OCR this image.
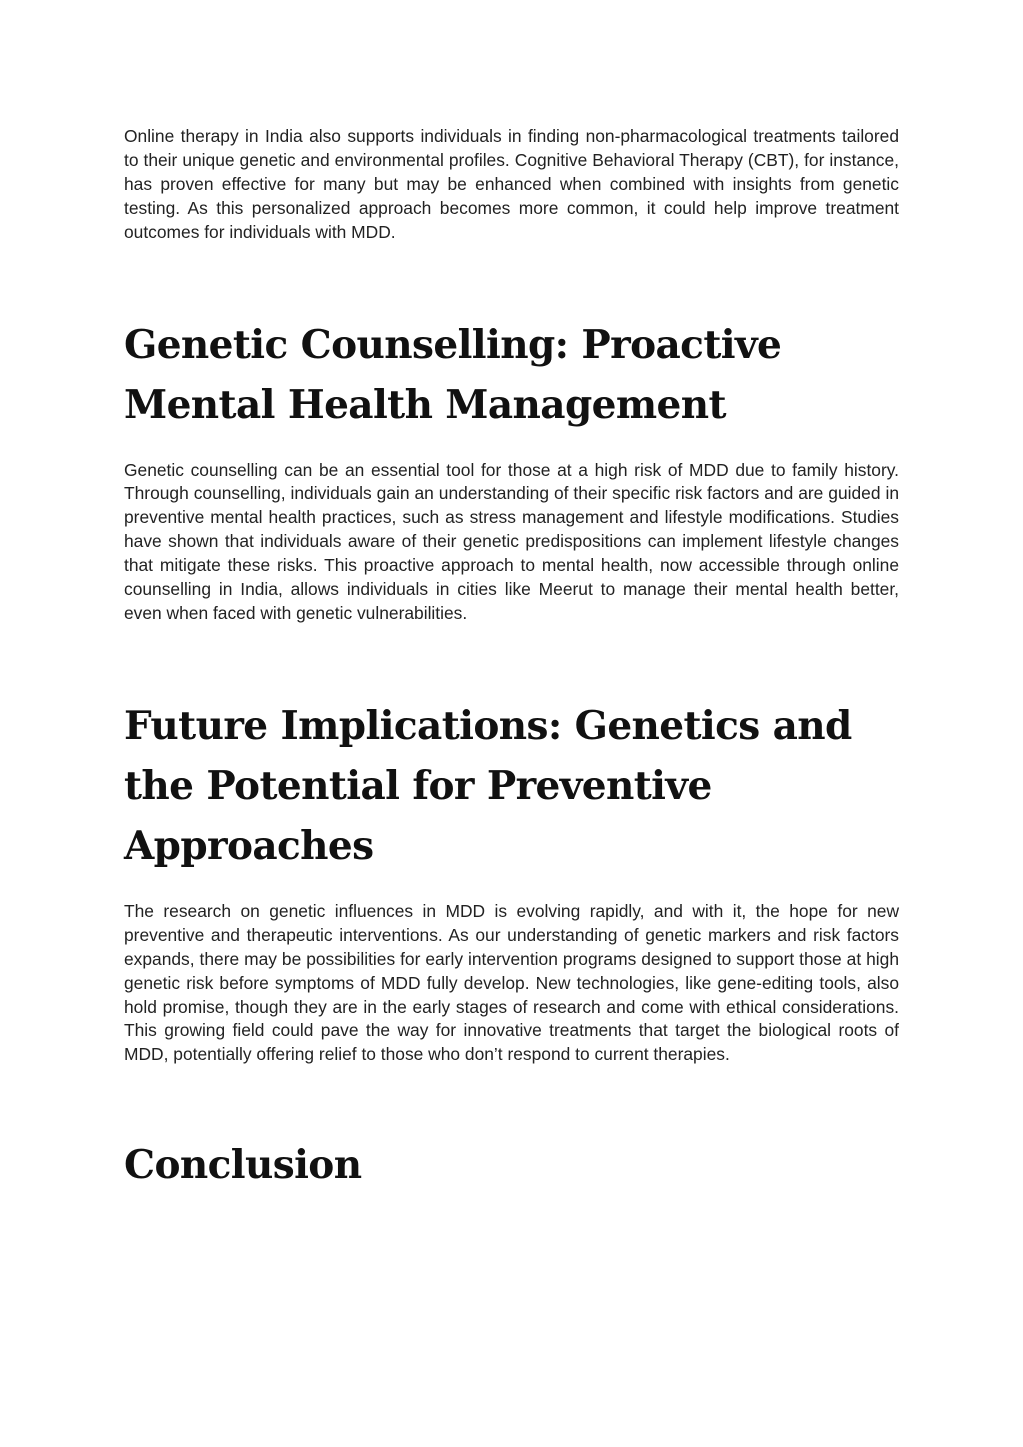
Online therapy in India also supports individuals in finding non-pharmacological treatments tailored to their unique genetic and environmental profiles. Cognitive Behavioral Therapy (CBT), for instance, has proven effective for many but may be enhanced when combined with insights from genetic testing. As this personalized approach becomes more common, it could help improve treatment outcomes for individuals with MDD.

Genetic Counselling: Proactive Mental Health Management

Genetic counselling can be an essential tool for those at a high risk of MDD due to family history. Through counselling, individuals gain an understanding of their specific risk factors and are guided in preventive mental health practices, such as stress management and lifestyle modifications. Studies have shown that individuals aware of their genetic predispositions can implement lifestyle changes that mitigate these risks. This proactive approach to mental health, now accessible through online counselling in India, allows individuals in cities like Meerut to manage their mental health better, even when faced with genetic vulnerabilities.

Future Implications: Genetics and the Potential for Preventive Approaches

The research on genetic influences in MDD is evolving rapidly, and with it, the hope for new preventive and therapeutic interventions. As our understanding of genetic markers and risk factors expands, there may be possibilities for early intervention programs designed to support those at high genetic risk before symptoms of MDD fully develop. New technologies, like gene-editing tools, also hold promise, though they are in the early stages of research and come with ethical considerations. This growing field could pave the way for innovative treatments that target the biological roots of MDD, potentially offering relief to those who don’t respond to current therapies.

Conclusion
